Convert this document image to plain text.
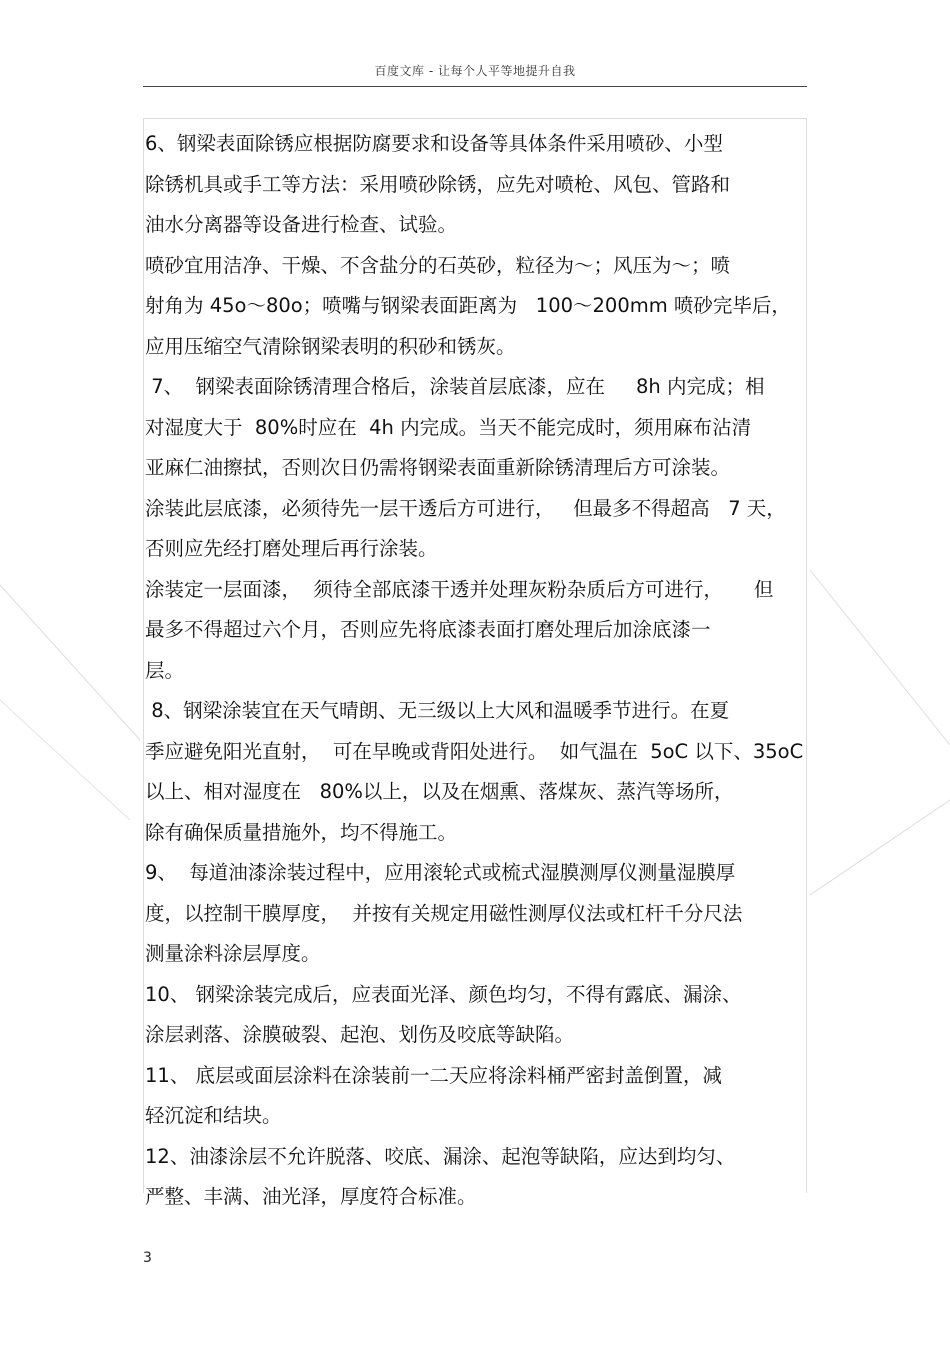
百度文库 - 让每个人平等地提升自我
6、钢梁表面除锈应根据防腐要求和设备等具体条件采用喷砂、小型
除锈机具或手工等方法：采用喷砂除锈，应先对喷枪、风包、管路和
油水分离器等设备进行检查、试验。
喷砂宜用洁净、干燥、不含盐分的石英砂，粒径为～；风压为～；喷
射角为 45o～80o；喷嘴与钢梁表面距离为   100～200mm 喷砂完毕后，
应用压缩空气清除钢梁表明的积砂和锈灰。
7、  钢梁表面除锈清理合格后，涂装首层底漆，应在     8h 内完成；相
对湿度大于  80%时应在  4h 内完成。当天不能完成时，须用麻布沾清
亚麻仁油擦拭，否则次日仍需将钢梁表面重新除锈清理后方可涂装。
涂装此层底漆，必须待先一层干透后方可进行，   但最多不得超高   7 天，
否则应先经打磨处理后再行涂装。
涂装定一层面漆，  须待全部底漆干透并处理灰粉杂质后方可进行，     但
最多不得超过六个月，否则应先将底漆表面打磨处理后加涂底漆一
层。
8、钢梁涂装宜在天气晴朗、无三级以上大风和温暖季节进行。在夏
季应避免阳光直射，  可在早晚或背阳处进行。  如气温在  5oC 以下、35oC
以上、相对湿度在   80%以上，以及在烟熏、落煤灰、蒸汽等场所，
除有确保质量措施外，均不得施工。
9、  每道油漆涂装过程中，应用滚轮式或梳式湿膜测厚仪测量湿膜厚
度，以控制干膜厚度，  并按有关规定用磁性测厚仪法或杠杆千分尺法
测量涂料涂层厚度。
10、 钢梁涂装完成后，应表面光泽、颜色均匀，不得有露底、漏涂、
涂层剥落、涂膜破裂、起泡、划伤及咬底等缺陷。
11、 底层或面层涂料在涂装前一二天应将涂料桶严密封盖倒置，减
轻沉淀和结块。
12、油漆涂层不允许脱落、咬底、漏涂、起泡等缺陷，应达到均匀、
严整、丰满、油光泽，厚度符合标准。
3
